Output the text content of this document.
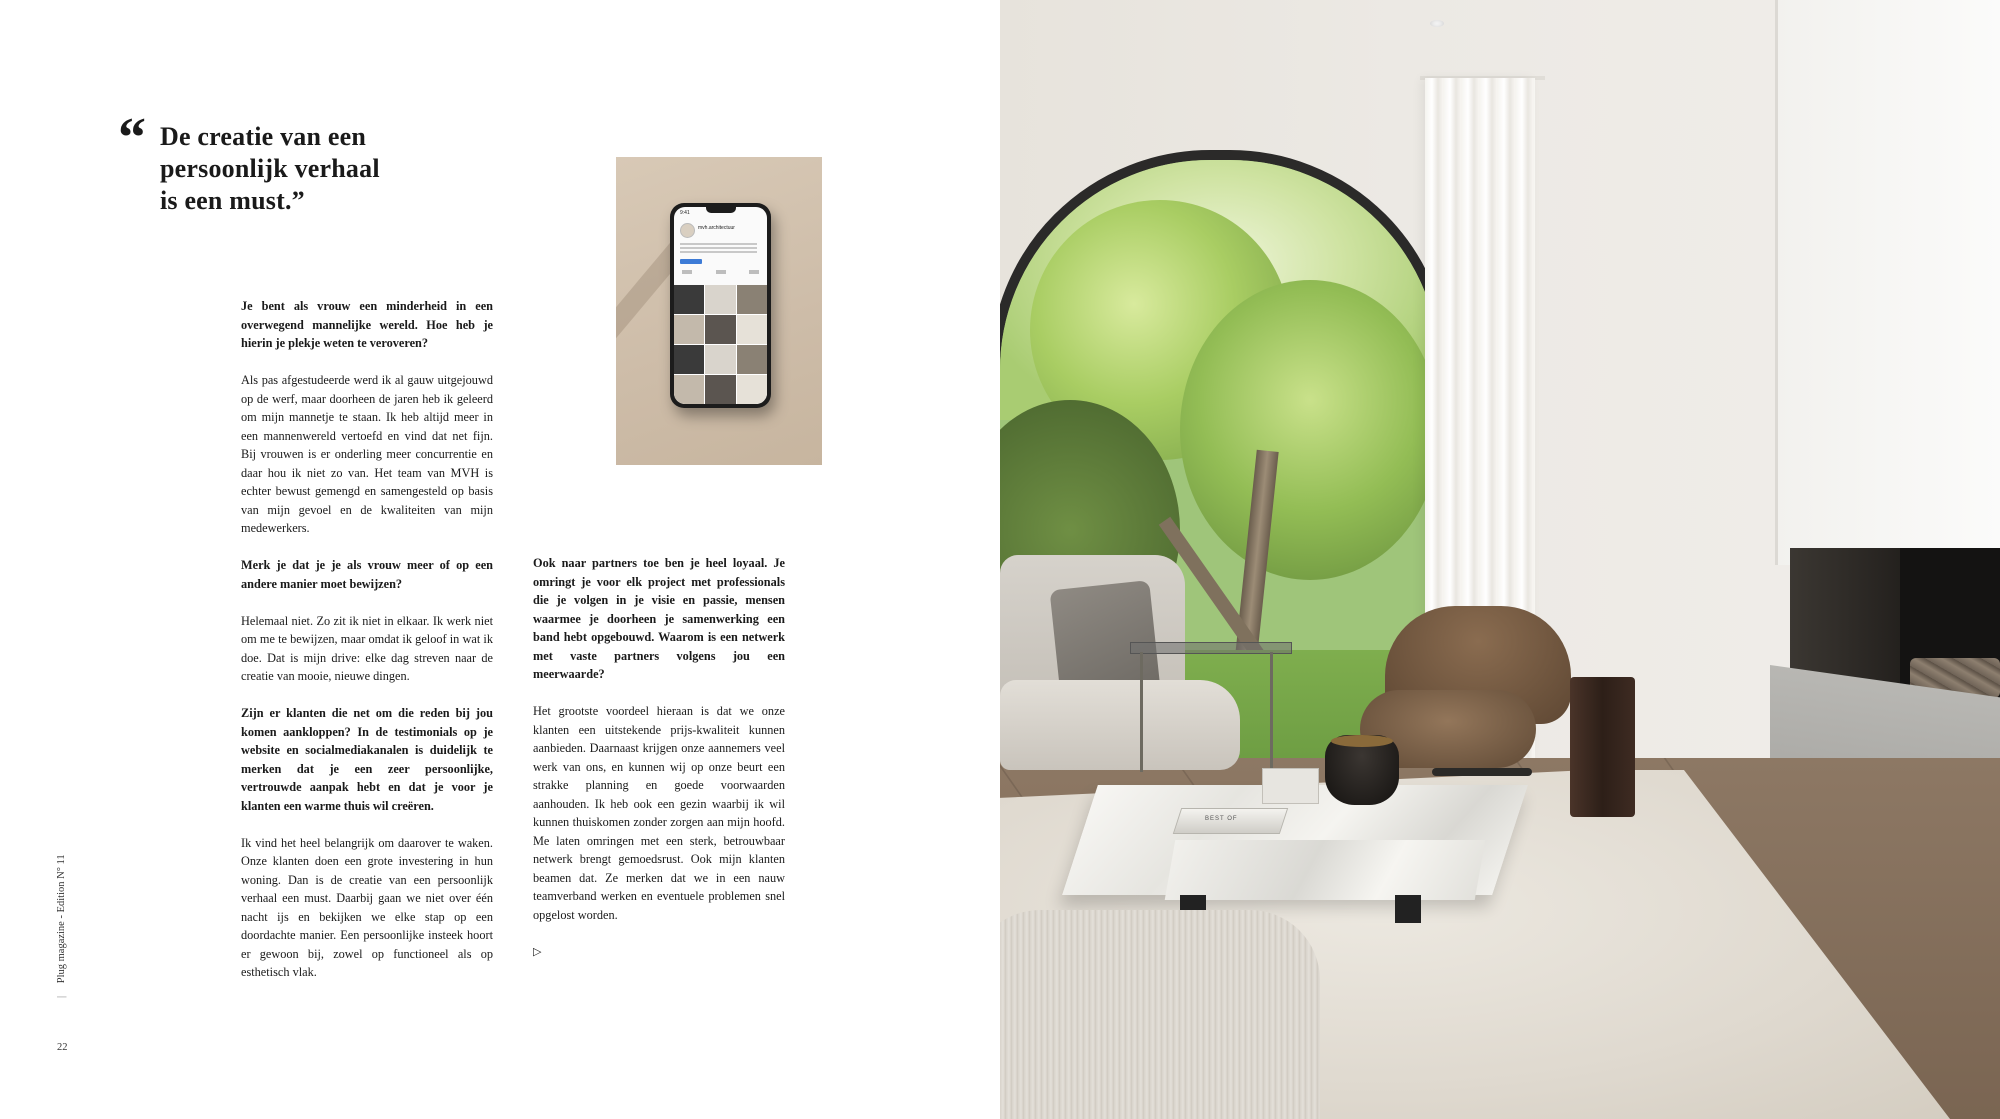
“ De creatie van een
persoonlijk verhaal
is een must.”	9:41
mvh.architectuur

Je bent als vrouw een minderheid in een overwegend mannelijke wereld. Hoe heb je hierin je plekje weten te veroveren?

Als pas afgestudeerde werd ik al gauw uitgejouwd op de werf, maar doorheen de jaren heb ik geleerd om mijn mannetje te staan. Ik heb altijd meer in een mannenwereld vertoefd en vind dat net fijn. Bij vrouwen is er onderling meer concurrentie en daar hou ik niet zo van. Het team van MVH is echter bewust gemengd en samengesteld op basis van mijn gevoel en de kwaliteiten van mijn medewerkers.

Merk je dat je je als vrouw meer of op een andere manier moet bewijzen?

Helemaal niet. Zo zit ik niet in elkaar. Ik werk niet om me te bewijzen, maar omdat ik geloof in wat ik doe. Dat is mijn drive: elke dag streven naar de creatie van mooie, nieuwe dingen.

Zijn er klanten die net om die reden bij jou komen aankloppen? In de testimonials op je website en socialmediakanalen is duidelijk te merken dat je een zeer persoonlijke, vertrouwde aanpak hebt en dat je voor je klanten een warme thuis wil creëren.

Ik vind het heel belangrijk om daarover te waken. Onze klanten doen een grote investering in hun woning. Dan is de creatie van een persoonlijk verhaal een must. Daarbij gaan we niet over één nacht ijs en bekijken we elke stap op een doordachte manier. Een persoonlijke insteek hoort er gewoon bij, zowel op functioneel als op esthetisch vlak.

Ook naar partners toe ben je heel loyaal. Je omringt je voor elk project met professionals die je volgen in je visie en passie, mensen waarmee je doorheen je samenwerking een band hebt opgebouwd. Waarom is een netwerk met vaste partners volgens jou een meerwaarde?

Het grootste voordeel hieraan is dat we onze klanten een uitstekende prijs-kwaliteit kunnen aanbieden. Daarnaast krijgen onze aannemers veel werk van ons, en kunnen wij op onze beurt een strakke planning en goede voorwaarden aanhouden. Ik heb ook een gezin waarbij ik wil kunnen thuiskomen zonder zorgen aan mijn hoofd. Me laten omringen met een sterk, betrouwbaar netwerk brengt gemoedsrust. Ook mijn klanten beamen dat. Ze merken dat we in een nauw teamverband werken en eventuele problemen snel opgelost worden.

▷

| Plug magazine - Edition N° 11
22
BEST OF
